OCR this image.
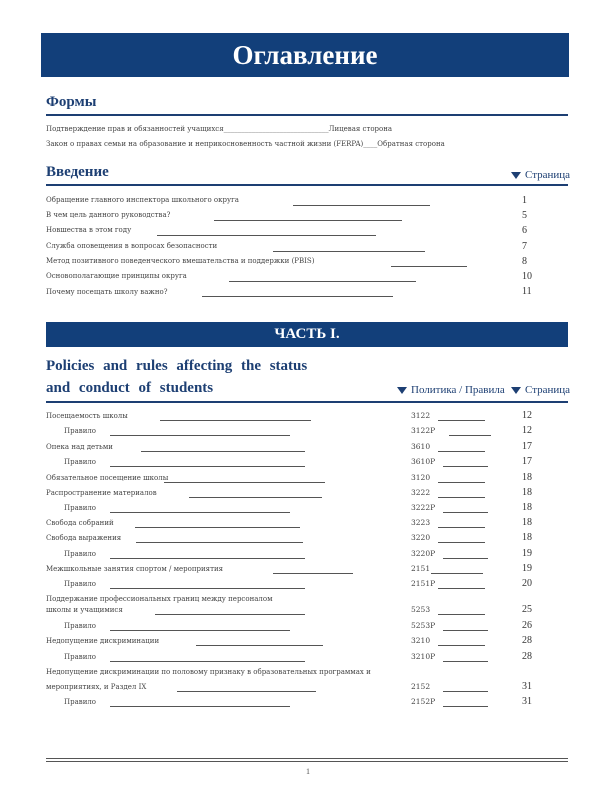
Оглавление
Формы
Подтверждение прав и обязанностей учащихся______________________________Лицевая сторона
Закон о правах семьи на образование и неприкосновенность частной жизни (FERPA)____Обратная сторона
Введение	Страница
Обращение главного инспектора школьного округа	1
В чем цель данного руководства?	5
Новшества в этом году	6
Служба оповещения в вопросах безопасности	7
Метод позитивного поведенческого вмешательства и поддержки (PBIS)	8
Основополагающие принципы округа	10
Почему посещать школу важно?	11
ЧАСТЬ I.
Policies and rules affecting the status
and conduct of students	Политика / Правила	Страница
Посещаемость школы	3122	12
Правило	3122P	12
Опека над детьми	3610	17
Правило	3610P	17
Обязательное посещение школы	3120	18
Распространение материалов	3222	18
Правило	3222P	18
Свобода собраний	3223	18
Свобода выражения	3220	18
Правило	3220P	19
Межшкольные занятия спортом / мероприятия	2151	19
Правило	2151P	20
Поддержание профессиональных границ между персоналом
школы и учащимися	5253	25
Правило	5253P	26
Недопущение дискриминации	3210	28
Правило	3210P	28
Недопущение дискриминации по половому признаку в образовательных программах и
мероприятиях, и Раздел IX	2152	31
Правило	2152P	31
1
